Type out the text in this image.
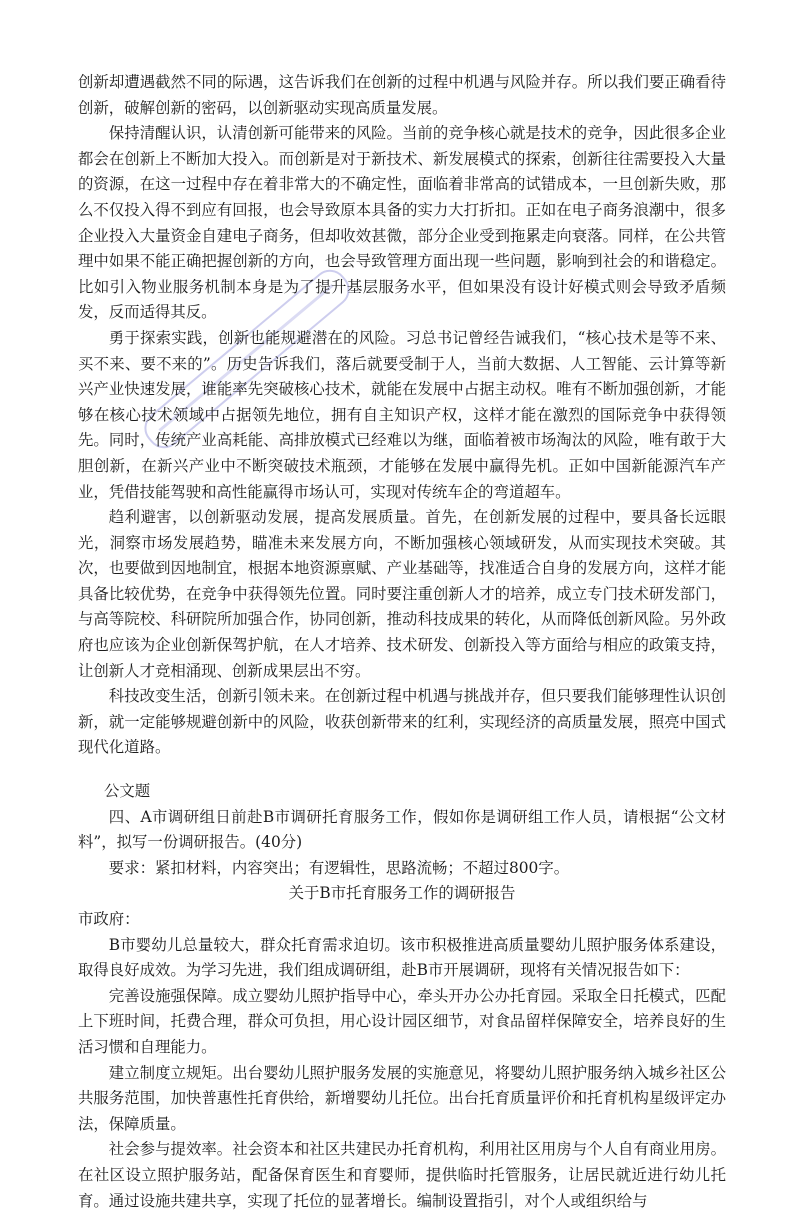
创新却遭遇截然不同的际遇，这告诉我们在创新的过程中机遇与风险并存。所以我们要正确看待创新，破解创新的密码，以创新驱动实现高质量发展。

保持清醒认识，认清创新可能带来的风险。当前的竞争核心就是技术的竞争，因此很多企业都会在创新上不断加大投入。而创新是对于新技术、新发展模式的探索，创新往往需要投入大量的资源，在这一过程中存在着非常大的不确定性，面临着非常高的试错成本，一旦创新失败，那么不仅投入得不到应有回报，也会导致原本具备的实力大打折扣。正如在电子商务浪潮中，很多企业投入大量资金自建电子商务，但却收效甚微，部分企业受到拖累走向衰落。同样，在公共管理中如果不能正确把握创新的方向，也会导致管理方面出现一些问题，影响到社会的和谐稳定。比如引入物业服务机制本身是为了提升基层服务水平，但如果没有设计好模式则会导致矛盾频发，反而适得其反。

勇于探索实践，创新也能规避潜在的风险。习总书记曾经告诫我们，“核心技术是等不来、买不来、要不来的”。历史告诉我们，落后就要受制于人，当前大数据、人工智能、云计算等新兴产业快速发展，谁能率先突破核心技术，就能在发展中占据主动权。唯有不断加强创新，才能够在核心技术领域中占据领先地位，拥有自主知识产权，这样才能在激烈的国际竞争中获得领先。同时，传统产业高耗能、高排放模式已经难以为继，面临着被市场淘汰的风险，唯有敢于大胆创新，在新兴产业中不断突破技术瓶颈，才能够在发展中赢得先机。正如中国新能源汽车产业，凭借技能驾驶和高性能赢得市场认可，实现对传统车企的弯道超车。

趋利避害，以创新驱动发展，提高发展质量。首先，在创新发展的过程中，要具备长远眼光，洞察市场发展趋势，瞄准未来发展方向，不断加强核心领域研发，从而实现技术突破。其次，也要做到因地制宜，根据本地资源禀赋、产业基础等，找准适合自身的发展方向，这样才能具备比较优势，在竞争中获得领先位置。同时要注重创新人才的培养，成立专门技术研发部门，与高等院校、科研院所加强合作，协同创新，推动科技成果的转化，从而降低创新风险。另外政府也应该为企业创新保驾护航，在人才培养、技术研发、创新投入等方面给与相应的政策支持，让创新人才竞相涌现、创新成果层出不穷。

科技改变生活，创新引领未来。在创新过程中机遇与挑战并存，但只要我们能够理性认识创新，就一定能够规避创新中的风险，收获创新带来的红利，实现经济的高质量发展，照亮中国式现代化道路。

公文题

四、A市调研组日前赴B市调研托育服务工作，假如你是调研组工作人员，请根据“公文材料”，拟写一份调研报告。(40分)

要求：紧扣材料，内容突出；有逻辑性，思路流畅；不超过800字。

关于B市托育服务工作的调研报告

市政府：

B市婴幼儿总量较大，群众托育需求迫切。该市积极推进高质量婴幼儿照护服务体系建设，取得良好成效。为学习先进，我们组成调研组，赴B市开展调研，现将有关情况报告如下：

完善设施强保障。成立婴幼儿照护指导中心，牵头开办公办托育园。采取全日托模式，匹配上下班时间，托费合理，群众可负担，用心设计园区细节，对食品留样保障安全，培养良好的生活习惯和自理能力。

建立制度立规矩。出台婴幼儿照护服务发展的实施意见，将婴幼儿照护服务纳入城乡社区公共服务范围，加快普惠性托育供给，新增婴幼儿托位。出台托育质量评价和托育机构星级评定办法，保障质量。

社会参与提效率。社会资本和社区共建民办托育机构，利用社区用房与个人自有商业用房。在社区设立照护服务站，配备保育医生和育婴师，提供临时托管服务，让居民就近进行幼儿托育。通过设施共建共享，实现了托位的显著增长。编制设置指引，对个人或组织给与
